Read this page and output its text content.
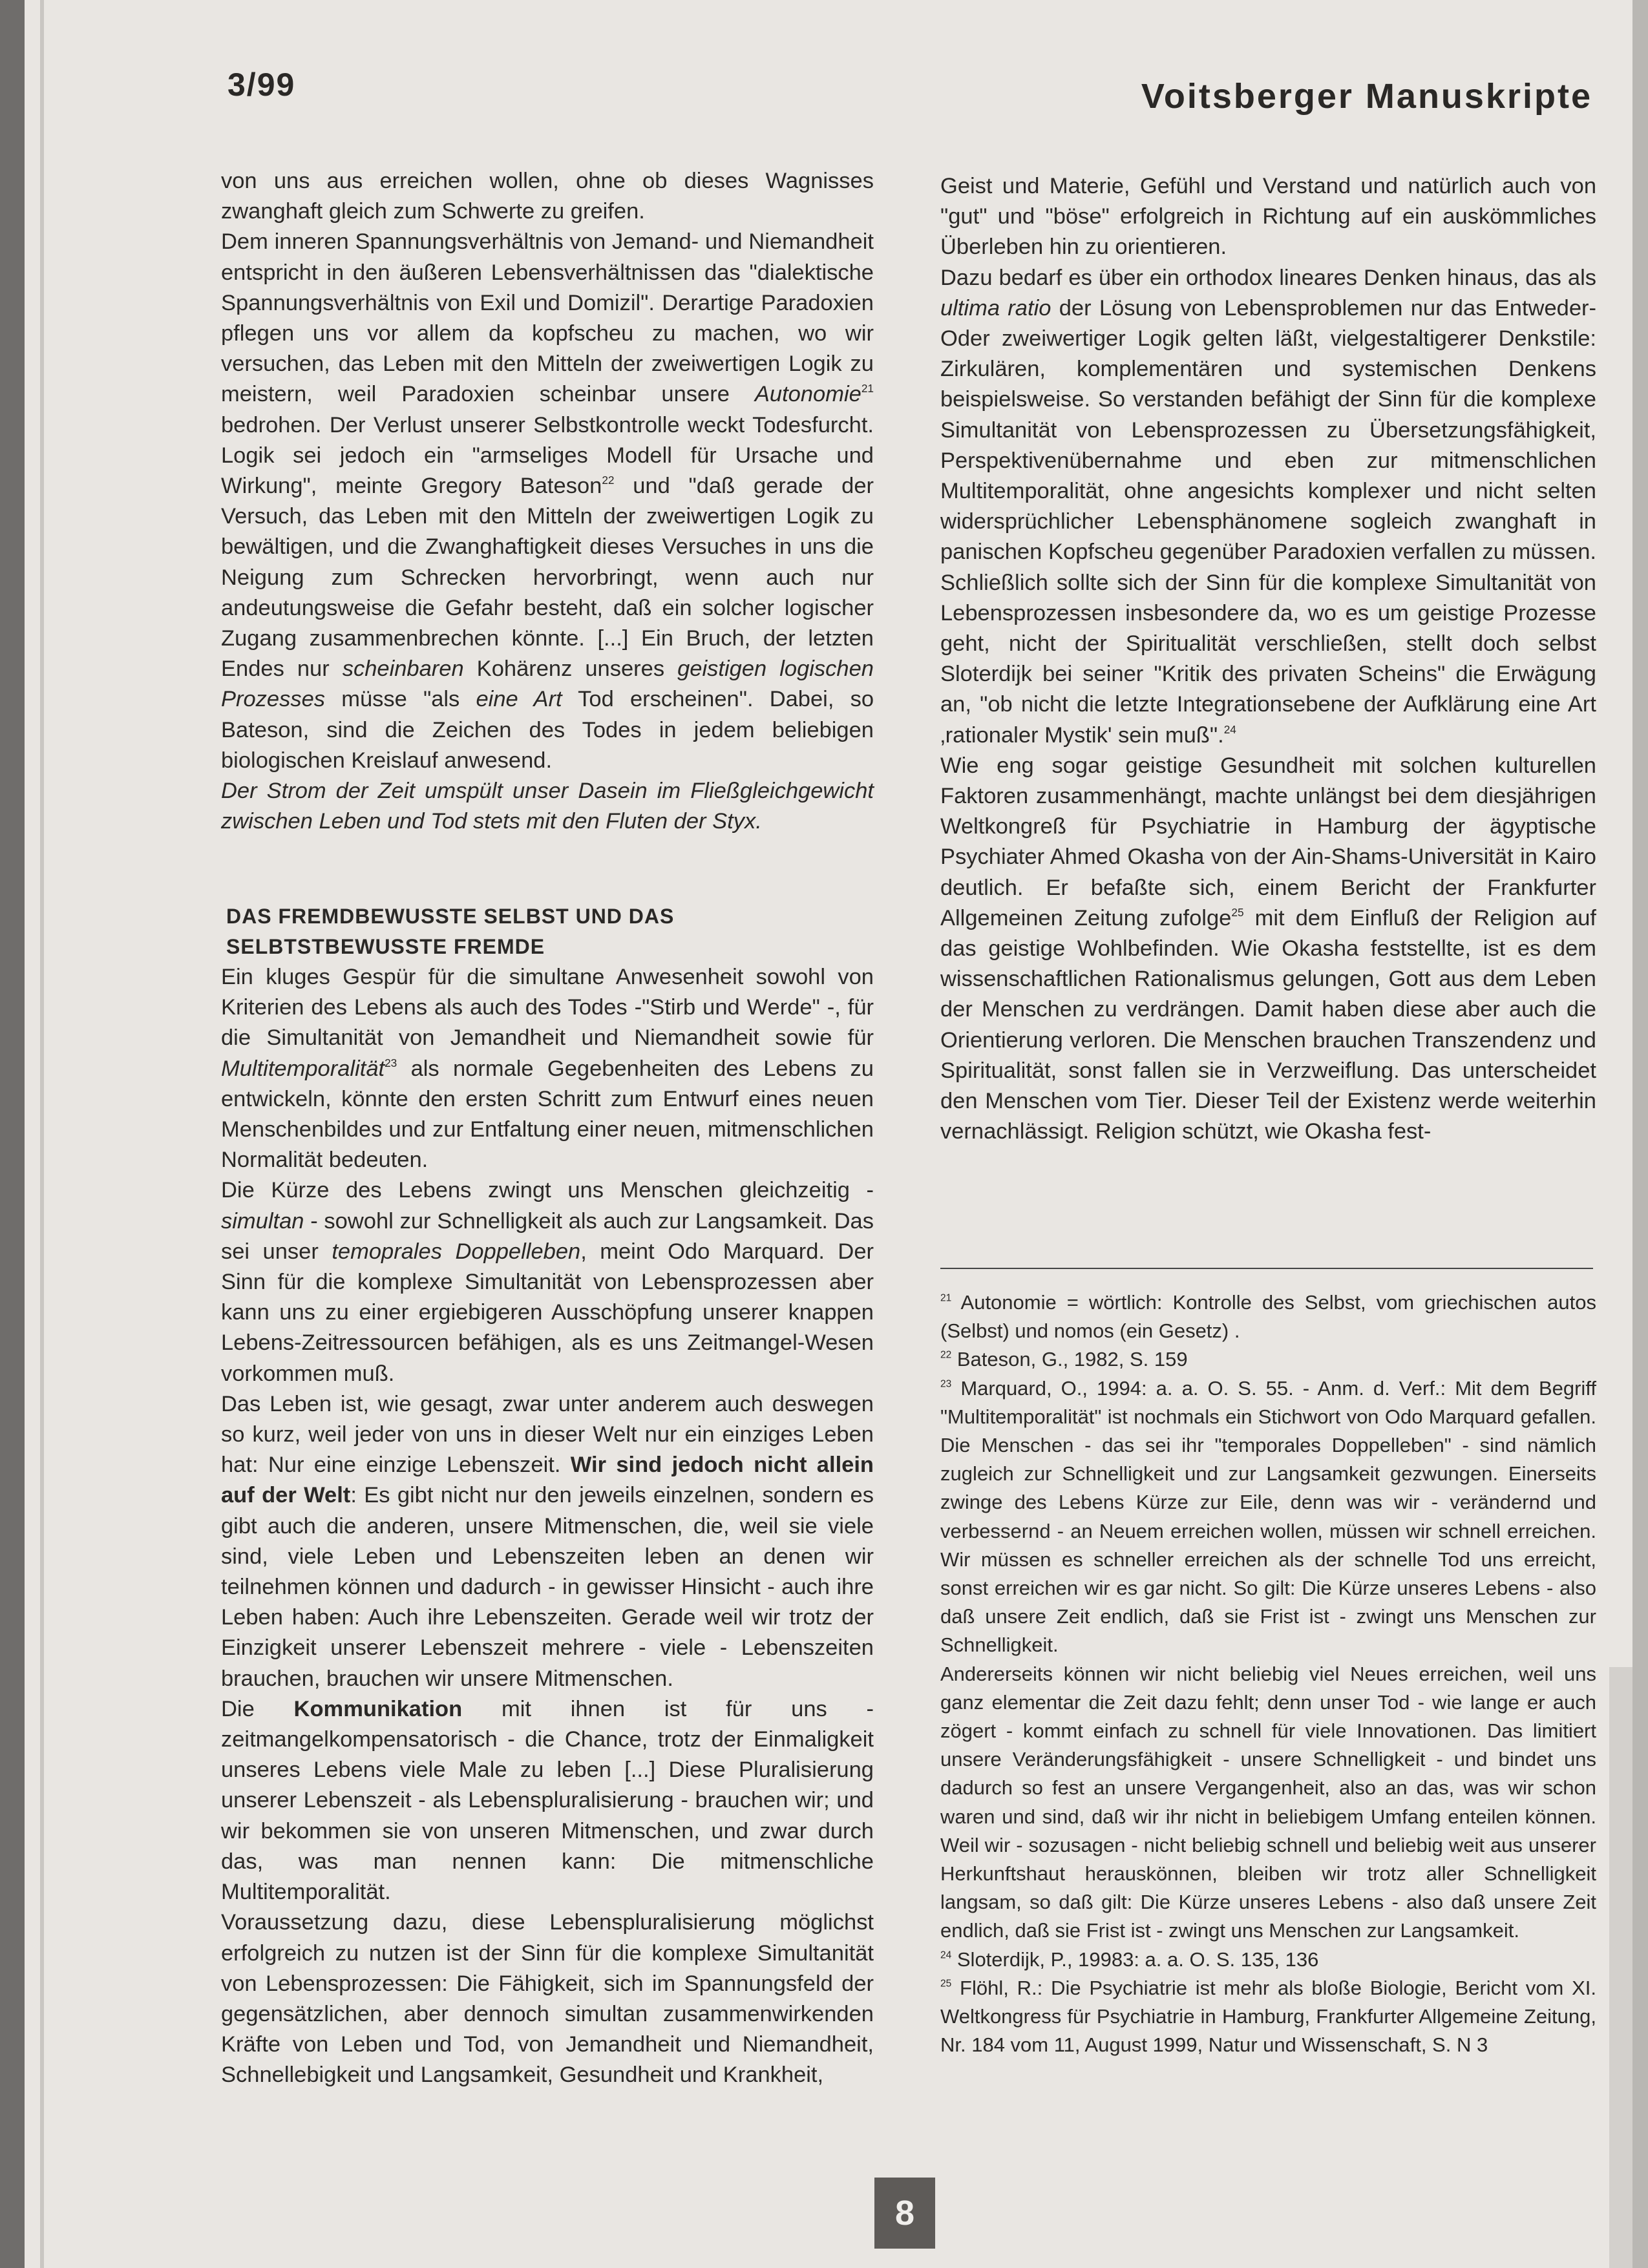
3/99	Voitsberger Manuskripte

von uns aus erreichen wollen, ohne ob dieses Wagnisses zwanghaft gleich zum Schwerte zu greifen.

Dem inneren Spannungsverhältnis von Jemand- und Niemandheit entspricht in den äußeren Lebensverhältnissen das "dialektische Spannungsverhältnis von Exil und Domizil". Derartige Paradoxien pflegen uns vor allem da kopfscheu zu machen, wo wir versuchen, das Leben mit den Mitteln der zweiwertigen Logik zu meistern, weil Paradoxien scheinbar unsere Autonomie$^{21}$ bedrohen. Der Verlust unserer Selbstkontrolle weckt Todesfurcht. Logik sei jedoch ein "armseliges Modell für Ursache und Wirkung", meinte Gregory Bateson$^{22}$ und "daß gerade der Versuch, das Leben mit den Mitteln der zweiwertigen Logik zu bewältigen, und die Zwanghaftigkeit dieses Versuches in uns die Neigung zum Schrecken hervorbringt, wenn auch nur andeutungsweise die Gefahr besteht, daß ein solcher logischer Zugang zusammenbrechen könnte. [...] Ein Bruch, der letzten Endes nur scheinbaren Kohärenz unseres geistigen logischen Prozesses müsse "als eine Art Tod erscheinen". Dabei, so Bateson, sind die Zeichen des Todes in jedem beliebigen biologischen Kreislauf anwesend.

Der Strom der Zeit umspült unser Dasein im Fließgleichgewicht zwischen Leben und Tod stets mit den Fluten der Styx.

DAS FREMDBEWUSSTE SELBST UND DAS SELBTSTBEWUSSTE FREMDE

Ein kluges Gespür für die simultane Anwesenheit sowohl von Kriterien des Lebens als auch des Todes -"Stirb und Werde" -, für die Simultanität von Jemandheit und Niemandheit sowie für Multitemporalität$^{23}$ als normale Gegebenheiten des Lebens zu entwickeln, könnte den ersten Schritt zum Entwurf eines neuen Menschenbildes und zur Entfaltung einer neuen, mitmenschlichen Normalität bedeuten.

Die Kürze des Lebens zwingt uns Menschen gleichzeitig - simultan - sowohl zur Schnelligkeit als auch zur Langsamkeit. Das sei unser temoprales Doppelleben, meint Odo Marquard. Der Sinn für die komplexe Simultanität von Lebensprozessen aber kann uns zu einer ergiebigeren Ausschöpfung unserer knappen Lebens-Zeitressourcen befähigen, als es uns Zeitmangel-Wesen vorkommen muß.

Das Leben ist, wie gesagt, zwar unter anderem auch deswegen so kurz, weil jeder von uns in dieser Welt nur ein einziges Leben hat: Nur eine einzige Lebenszeit. Wir sind jedoch nicht allein auf der Welt: Es gibt nicht nur den jeweils einzelnen, sondern es gibt auch die anderen, unsere Mitmenschen, die, weil sie viele sind, viele Leben und Lebenszeiten leben an denen wir teilnehmen können und dadurch - in gewisser Hinsicht - auch ihre Leben haben: Auch ihre Lebenszeiten. Gerade weil wir trotz der Einzigkeit unserer Lebenszeit mehrere - viele - Lebenszeiten brauchen, brauchen wir unsere Mitmenschen.

Die Kommunikation mit ihnen ist für uns - zeitmangelkompensatorisch - die Chance, trotz der Einmaligkeit unseres Lebens viele Male zu leben [...] Diese Pluralisierung unserer Lebenszeit - als Lebenspluralisierung - brauchen wir; und wir bekommen sie von unseren Mitmenschen, und zwar durch das, was man nennen kann: Die mitmenschliche Multitemporalität.

Voraussetzung dazu, diese Lebenspluralisierung möglichst erfolgreich zu nutzen ist der Sinn für die komplexe Simultanität von Lebensprozessen: Die Fähigkeit, sich im Spannungsfeld der gegensätzlichen, aber dennoch simultan zusammenwirkenden Kräfte von Leben und Tod, von Jemandheit und Niemandheit, Schnellebigkeit und Langsamkeit, Gesundheit und Krankheit,

Geist und Materie, Gefühl und Verstand und natürlich auch von "gut" und "böse" erfolgreich in Richtung auf ein auskömmliches Überleben hin zu orientieren.

Dazu bedarf es über ein orthodox lineares Denken hinaus, das als ultima ratio der Lösung von Lebensproblemen nur das Entweder-Oder zweiwertiger Logik gelten läßt, vielgestaltigerer Denkstile: Zirkulären, komplementären und systemischen Denkens beispielsweise. So verstanden befähigt der Sinn für die komplexe Simultanität von Lebensprozessen zu Übersetzungsfähigkeit, Perspektivenübernahme und eben zur mitmenschlichen Multitemporalität, ohne angesichts komplexer und nicht selten widersprüchlicher Lebensphänomene sogleich zwanghaft in panischen Kopfscheu gegenüber Paradoxien verfallen zu müssen. Schließlich sollte sich der Sinn für die komplexe Simultanität von Lebensprozessen insbesondere da, wo es um geistige Prozesse geht, nicht der Spiritualität verschließen, stellt doch selbst Sloterdijk bei seiner "Kritik des privaten Scheins" die Erwägung an, "ob nicht die letzte Integrationsebene der Aufklärung eine Art ‚rationaler Mystik' sein muß".$^{24}$

Wie eng sogar geistige Gesundheit mit solchen kulturellen Faktoren zusammenhängt, machte unlängst bei dem diesjährigen Weltkongreß für Psychiatrie in Hamburg der ägyptische Psychiater Ahmed Okasha von der Ain-Shams-Universität in Kairo deutlich. Er befaßte sich, einem Bericht der Frankfurter Allgemeinen Zeitung zufolge$^{25}$ mit dem Einfluß der Religion auf das geistige Wohlbefinden. Wie Okasha feststellte, ist es dem wissenschaftlichen Rationalismus gelungen, Gott aus dem Leben der Menschen zu verdrängen. Damit haben diese aber auch die Orientierung verloren. Die Menschen brauchen Transzendenz und Spiritualität, sonst fallen sie in Verzweiflung. Das unterscheidet den Menschen vom Tier. Dieser Teil der Existenz werde weiterhin vernachlässigt. Religion schützt, wie Okasha fest-

$^{21}$ Autonomie = wörtlich: Kontrolle des Selbst, vom griechischen autos (Selbst) und nomos (ein Gesetz) .

$^{22}$ Bateson, G., 1982, S. 159

$^{23}$ Marquard, O., 1994: a. a. O. S. 55. - Anm. d. Verf.: Mit dem Begriff "Multitemporalität" ist nochmals ein Stichwort von Odo Marquard gefallen. Die Menschen - das sei ihr "temporales Doppelleben" - sind nämlich zugleich zur Schnelligkeit und zur Langsamkeit gezwungen. Einerseits zwinge des Lebens Kürze zur Eile, denn was wir - verändernd und verbessernd - an Neuem erreichen wollen, müssen wir schnell erreichen. Wir müssen es schneller erreichen als der schnelle Tod uns erreicht, sonst erreichen wir es gar nicht. So gilt: Die Kürze unseres Lebens - also daß unsere Zeit endlich, daß sie Frist ist - zwingt uns Menschen zur Schnelligkeit.

Andererseits können wir nicht beliebig viel Neues erreichen, weil uns ganz elementar die Zeit dazu fehlt; denn unser Tod - wie lange er auch zögert - kommt einfach zu schnell für viele Innovationen. Das limitiert unsere Veränderungsfähigkeit - unsere Schnelligkeit - und bindet uns dadurch so fest an unsere Vergangenheit, also an das, was wir schon waren und sind, daß wir ihr nicht in beliebigem Umfang enteilen können. Weil wir - sozusagen - nicht beliebig schnell und beliebig weit aus unserer Herkunftshaut herauskönnen, bleiben wir trotz aller Schnelligkeit langsam, so daß gilt: Die Kürze unseres Lebens - also daß unsere Zeit endlich, daß sie Frist ist - zwingt uns Menschen zur Langsamkeit.

$^{24}$ Sloterdijk, P., 19983: a. a. O. S. 135, 136

$^{25}$ Flöhl, R.: Die Psychiatrie ist mehr als bloße Biologie, Bericht vom XI. Weltkongress für Psychiatrie in Hamburg, Frankfurter Allgemeine Zeitung, Nr. 184 vom 11, August 1999, Natur und Wissenschaft, S. N 3

8
